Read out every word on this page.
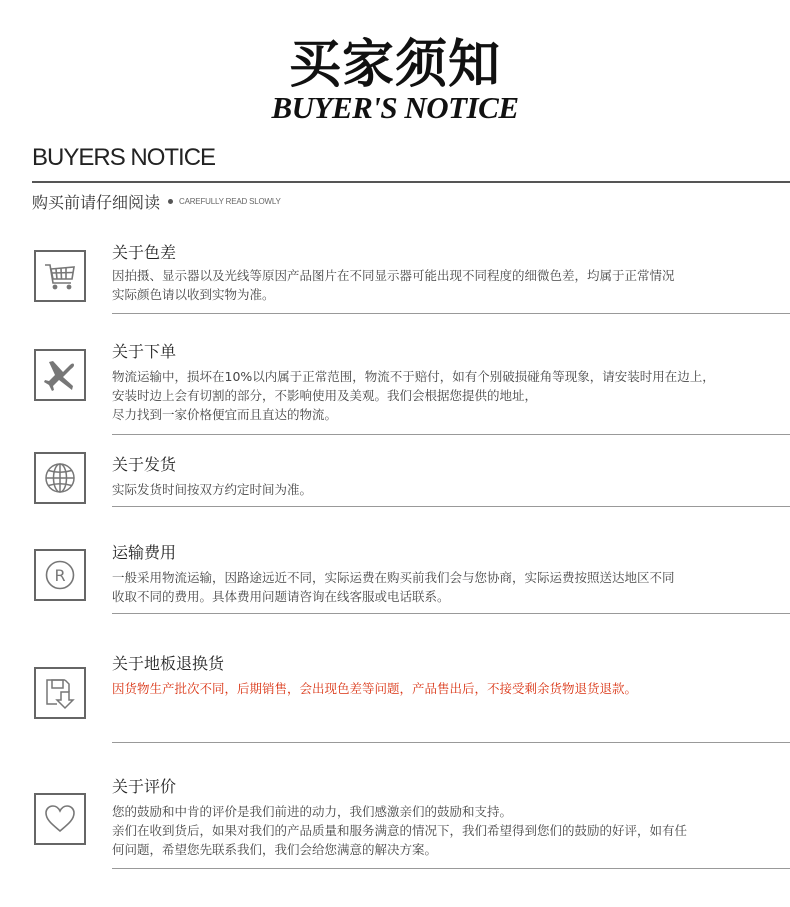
买家须知
BUYER'S NOTICE
BUYERS NOTICE
购买前请仔细阅读 CAREFULLY READ SLOWLY
关于色差

因拍摄、显示器以及光线等原因产品图片在不同显示器可能出现不同程度的细微色差，均属于正常情况

实际颜色请以收到实物为准。

关于下单

物流运输中，损坏在10%以内属于正常范围，物流不于赔付，如有个别破损碰角等现象，请安装时用在边上，

安装时边上会有切割的部分，不影响使用及美观。我们会根据您提供的地址，

尽力找到一家价格便宜而且直达的物流。

关于发货

实际发货时间按双方约定时间为准。

R
运输费用

一般采用物流运输，因路途远近不同，实际运费在购买前我们会与您协商，实际运费按照送达地区不同

收取不同的费用。具体费用问题请咨询在线客服或电话联系。

关于地板退换货

因货物生产批次不同，后期销售，会出现色差等问题，产品售出后，不接受剩余货物退货退款。

关于评价

您的鼓励和中肯的评价是我们前进的动力，我们感激亲们的鼓励和支持。

亲们在收到货后，如果对我们的产品质量和服务满意的情况下，我们希望得到您们的鼓励的好评，如有任

何问题，希望您先联系我们，我们会给您满意的解决方案。
